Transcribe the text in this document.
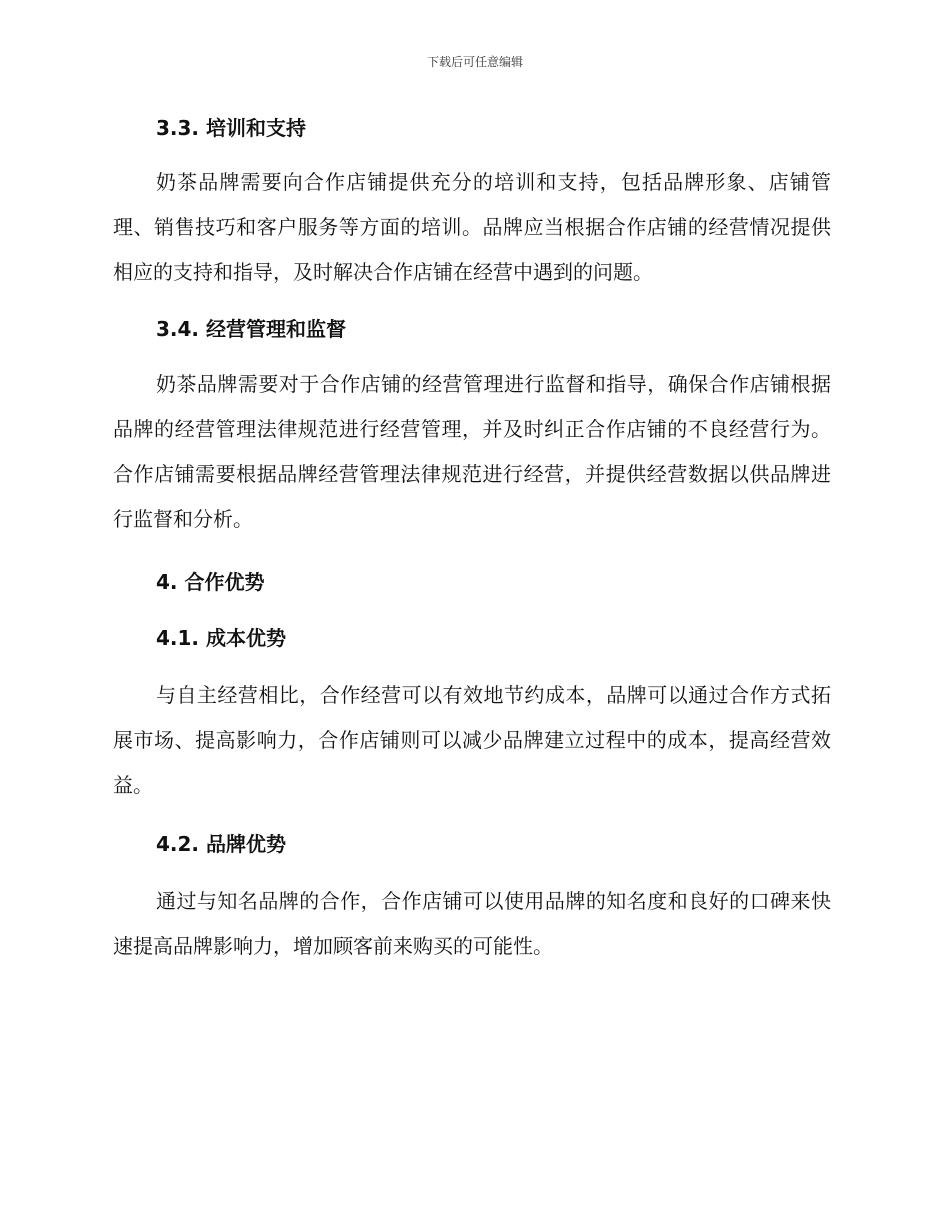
下载后可任意编辑
3.3. 培训和支持

奶茶品牌需要向合作店铺提供充分的培训和支持，包括品牌形象、店铺管理、销售技巧和客户服务等方面的培训。品牌应当根据合作店铺的经营情况提供相应的支持和指导，及时解决合作店铺在经营中遇到的问题。

3.4. 经营管理和监督

奶茶品牌需要对于合作店铺的经营管理进行监督和指导，确保合作店铺根据品牌的经营管理法律规范进行经营管理，并及时纠正合作店铺的不良经营行为。合作店铺需要根据品牌经营管理法律规范进行经营，并提供经营数据以供品牌进行监督和分析。

4. 合作优势
4.1. 成本优势

与自主经营相比，合作经营可以有效地节约成本，品牌可以通过合作方式拓展市场、提高影响力，合作店铺则可以减少品牌建立过程中的成本，提高经营效益。

4.2. 品牌优势

通过与知名品牌的合作，合作店铺可以使用品牌的知名度和良好的口碑来快速提高品牌影响力，增加顾客前来购买的可能性。
